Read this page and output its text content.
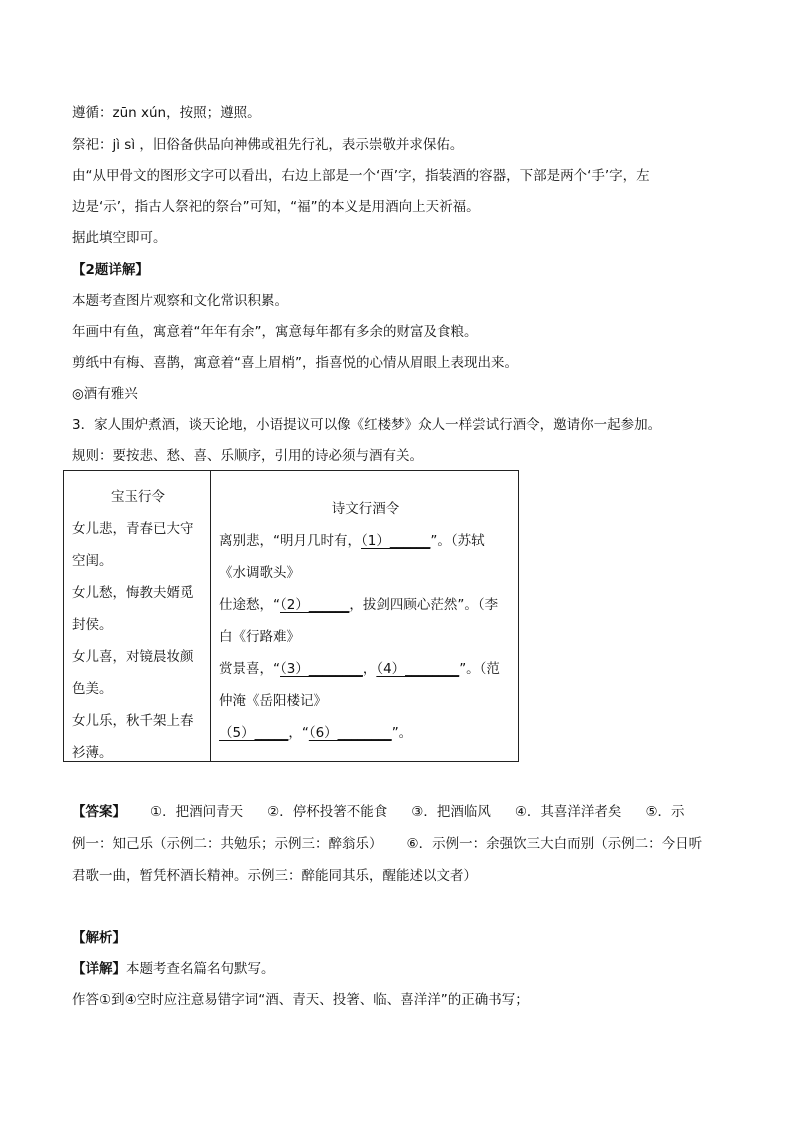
遵循：zūn xún，按照；遵照。
祭祀：jì sì ，旧俗备供品向神佛或祖先行礼，表示崇敬并求保佑。
由“从甲骨文的图形文字可以看出，右边上部是一个‘酉’字，指装酒的容器，下部是两个‘手’字，左
边是‘示’，指古人祭祀的祭台”可知，“福”的本义是用酒向上天祈福。
据此填空即可。
【2题详解】
本题考查图片观察和文化常识积累。
年画中有鱼，寓意着“年年有余”，寓意每年都有多余的财富及食粮。
剪纸中有梅、喜鹊，寓意着“喜上眉梢”，指喜悦的心情从眉眼上表现出来。
◎酒有雅兴
3．家人围炉煮酒，谈天论地，小语提议可以像《红楼梦》众人一样尝试行酒令，邀请你一起参加。
规则：要按悲、愁、喜、乐顺序，引用的诗必须与酒有关。
宝玉行令
女儿悲，青春已大守
空闺。
女儿愁，悔教夫婿觅
封侯。
女儿喜，对镜晨妆颜
色美。
女儿乐，秋千架上春
衫薄。
诗文行酒令
离别悲，“明月几时有，（1）______”。（苏轼
《水调歌头》
仕途愁，“（2）______，拔剑四顾心茫然”。（李
白《行路难》
赏景喜，“（3）________，（4）________”。（范
仲淹《岳阳楼记》
（5）_____，“（6）________”。
【答案】 ①．把酒问青天 ②．停杯投箸不能食 ③．把酒临风 ④．其喜洋洋者矣 ⑤．示
例一：知己乐（示例二：共勉乐；示例三：醉翁乐） ⑥．示例一：余强饮三大白而别（示例二：今日听
君歌一曲，暂凭杯酒长精神。示例三：醉能同其乐，醒能述以文者）
【解析】
【详解】本题考查名篇名句默写。
作答①到④空时应注意易错字词“酒、青天、投箸、临、喜洋洋”的正确书写；
